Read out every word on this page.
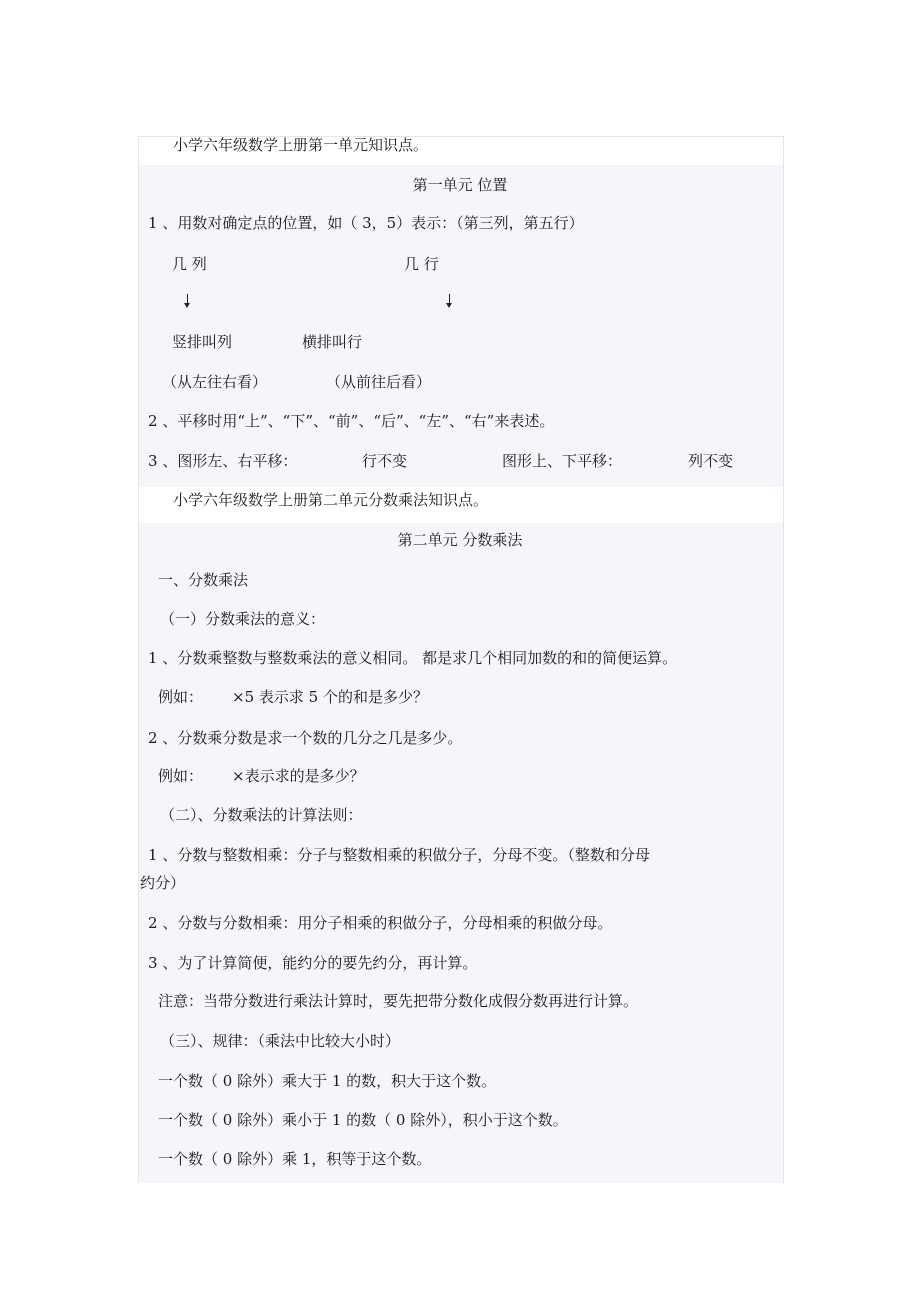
小学六年级数学上册第一单元知识点。
第一单元 位置
1 、用数对确定点的位置，如（ 3，5）表示：（第三列，第五行）
几 列	几 行
竖排叫列	横排叫行
（从左往右看）	（从前往后看）
2 、平移时用“上”、“下”、“前”、“后”、“左”、“右”来表述。
3 、图形左、右平移：	行不变	图形上、下平移：	列不变
小学六年级数学上册第二单元分数乘法知识点。
第二单元 分数乘法
一、分数乘法
（一）分数乘法的意义：
1 、分数乘整数与整数乘法的意义相同。 都是求几个相同加数的和的简便运算。
例如： ×5 表示求 5 个的和是多少？
2 、分数乘分数是求一个数的几分之几是多少。
例如： ×表示求的是多少？
（二）、分数乘法的计算法则：
1 、分数与整数相乘：分子与整数相乘的积做分子，分母不变。（整数和分母
约分）
2 、分数与分数相乘：用分子相乘的积做分子，分母相乘的积做分母。
3 、为了计算简便，能约分的要先约分，再计算。
注意：当带分数进行乘法计算时，要先把带分数化成假分数再进行计算。
（三）、规律：（乘法中比较大小时）
一个数（ 0 除外）乘大于 1 的数，积大于这个数。
一个数（ 0 除外）乘小于 1 的数（ 0 除外），积小于这个数。
一个数（ 0 除外）乘 1，积等于这个数。
